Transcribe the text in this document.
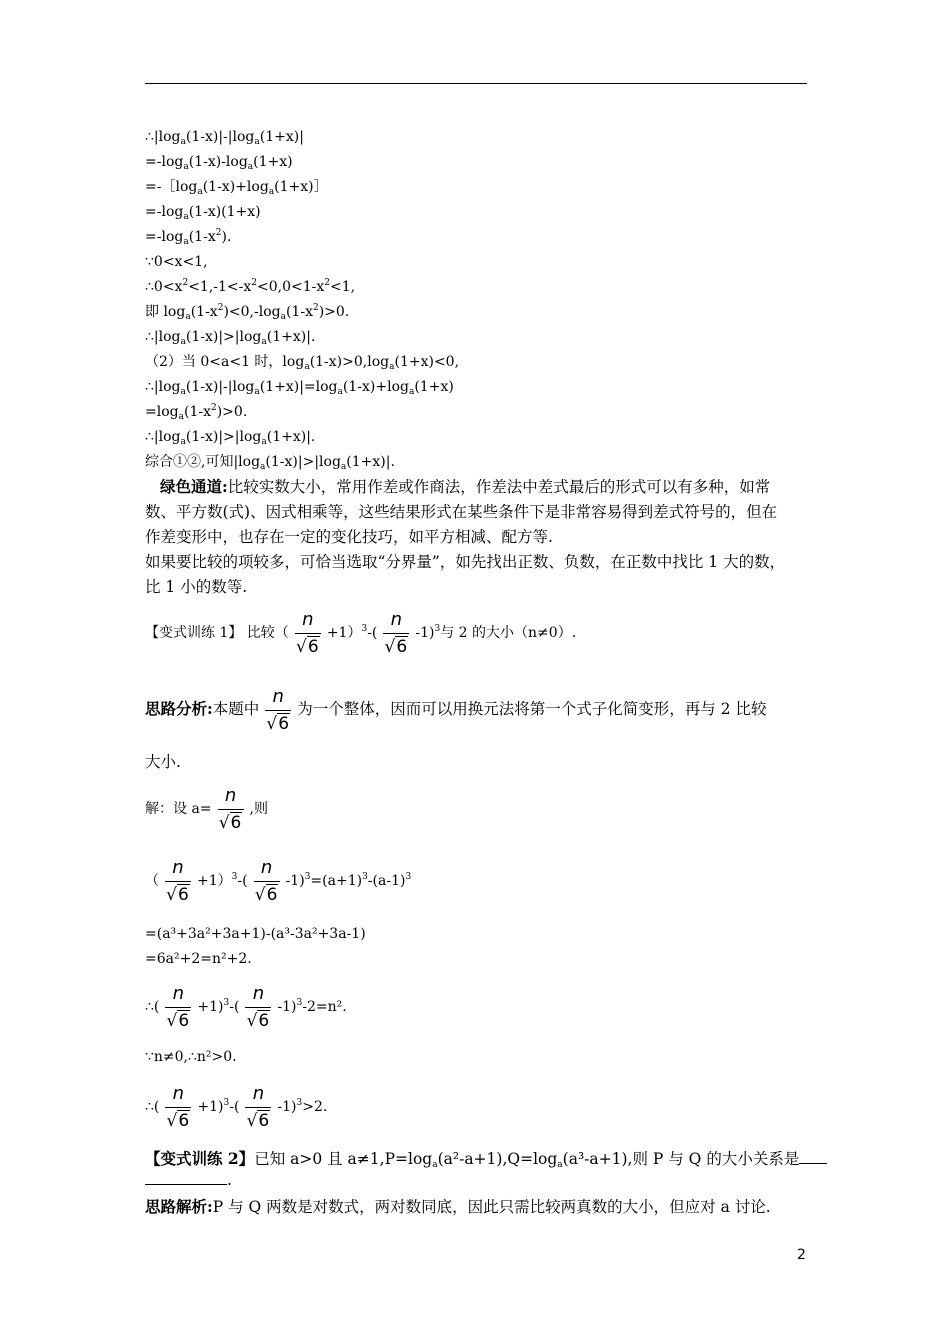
$\therefore|\log_a(1-x)|-|\log_a(1+x)|$
$=-\log_a(1-x)-\log_a(1+x)$
$=-[\log_a(1-x)+\log_a(1+x)]$
$=-\log_a(1-x)(1+x)$
$=-\log_a(1-x^2)$.
∵0<x<1,
$\therefore 0<x^2<1,-1<-x^2<0,0<1-x^2<1$,
即 $\log_a(1-x^2)<0,-\log_a(1-x^2)>0$.
$\therefore|\log_a(1-x)|>|\log_a(1+x)|$.
（2）当 0<a<1 时，$\log_a(1-x)>0,\log_a(1+x)<0$,
$\therefore|\log_a(1-x)|-|\log_a(1+x)|=\log_a(1-x)+\log_a(1+x)$
$=\log_a(1-x^2)>0$.
$\therefore|\log_a(1-x)|>|\log_a(1+x)|$.
综合①②,可知$|\log_a(1-x)|>|\log_a(1+x)|$.
绿色通道:比较实数大小，常用作差或作商法，作差法中差式最后的形式可以有多种，如常
数、平方数(式)、因式相乘等，这些结果形式在某些条件下是非常容易得到差式符号的，但在
作差变形中，也存在一定的变化技巧，如平方相减、配方等.
如果要比较的项较多，可恰当选取“分界量”，如先找出正数、负数，在正数中找比 1 大的数，
比 1 小的数等.
【变式训练 1】 比较（ $\frac{n}{√6} +1)^3-( \frac{n}{√6} -1)^3$与 2 的大小（n≠0）.
思路分析:本题中 $\frac{n}{√6}$ 为一个整体，因而可以用换元法将第一个式子化简变形，再与 2 比较
大小.
解：设 $a= \frac{n}{√6}$ ,则
（ $\frac{n}{√6} +1)^3-( \frac{n}{√6} -1)^3=(a+1)^3-(a-1)^3$
=(a³+3a²+3a+1)-(a³-3a²+3a-1)
=6a²+2=n²+2.
∴( $\frac{n}{√6} +1)^3-( \frac{n}{√6} -1)^3-2=n^2$.
∵n≠0,∴n²>0.
∴( $\frac{n}{√6} +1)^3-( \frac{n}{√6} -1)^3>2$.
【变式训练 2】已知 a>0 且 $a\ne 1,P=\log_a(a^2-a+1),Q=\log_a(a^3-a+1)$,则 P 与 Q 的大小关系是
.
思路解析:P 与 Q 两数是对数式，两对数同底，因此只需比较两真数的大小，但应对 a 讨论.
2
